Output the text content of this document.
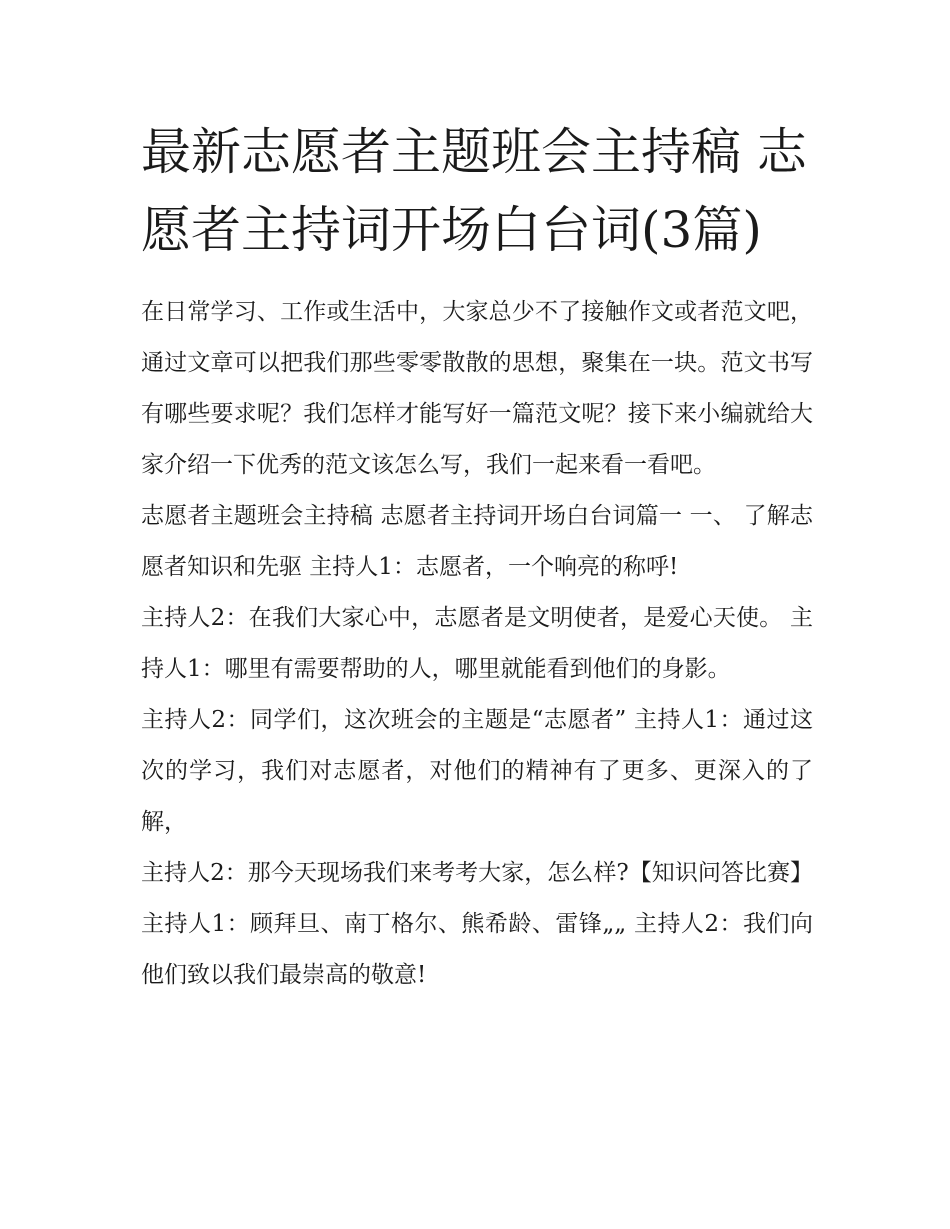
最新志愿者主题班会主持稿 志愿者主持词开场白台词(3篇)

在日常学习、工作或生活中，大家总少不了接触作文或者范文吧，通过文章可以把我们那些零零散散的思想，聚集在一块。范文书写有哪些要求呢？我们怎样才能写好一篇范文呢？接下来小编就给大家介绍一下优秀的范文该怎么写，我们一起来看一看吧。

志愿者主题班会主持稿 志愿者主持词开场白台词篇一 一、 了解志愿者知识和先驱 主持人1：志愿者，一个响亮的称呼!

主持人2：在我们大家心中，志愿者是文明使者，是爱心天使。 主持人1：哪里有需要帮助的人，哪里就能看到他们的身影。

主持人2：同学们，这次班会的主题是“志愿者” 主持人1：通过这次的学习，我们对志愿者，对他们的精神有了更多、更深入的了解，

主持人2：那今天现场我们来考考大家，怎么样?【知识问答比赛】 主持人1：顾拜旦、南丁格尔、熊希龄、雷锋„„ 主持人2：我们向他们致以我们最崇高的敬意!
